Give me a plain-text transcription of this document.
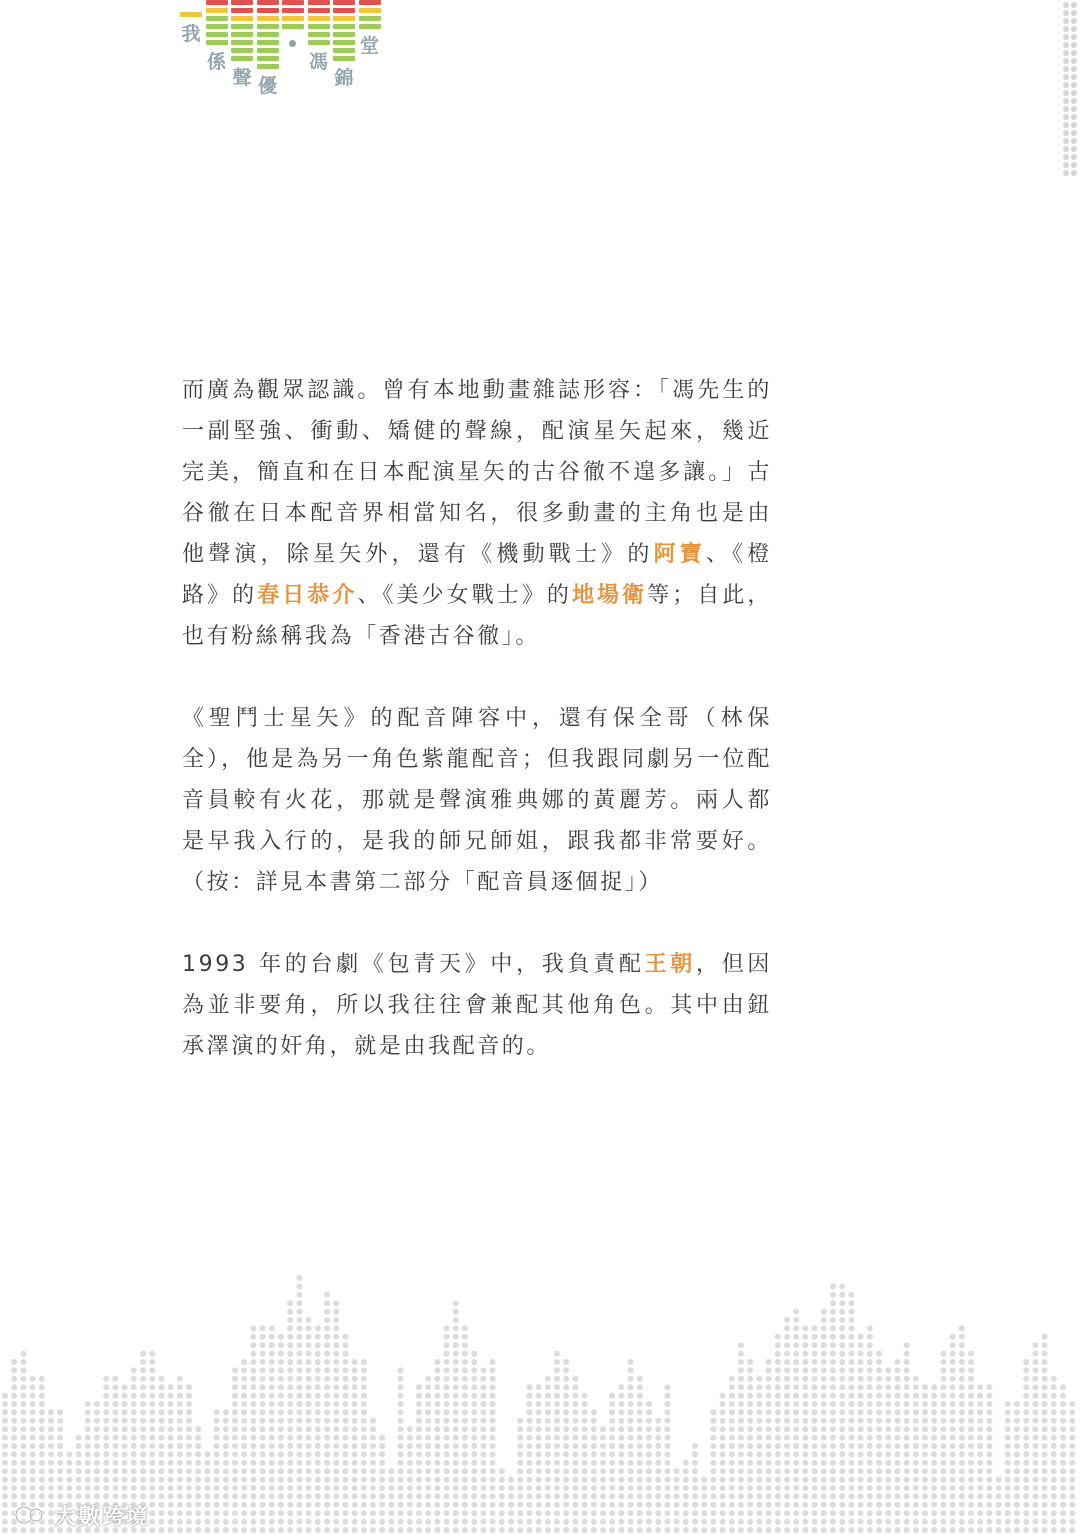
我
係
聲 優
馮
錦
堂

而廣為觀眾認識。曾有本地動畫雜誌形容：「馮先生的一副堅強、衝動、矯健的聲線，配演星矢起來，幾近完美，簡直和在日本配演星矢的古谷徹不遑多讓。」古谷徹在日本配音界相當知名，很多動畫的主角也是由他聲演，除星矢外，還有《機動戰士》的阿寶、《橙路》的春日恭介、《美少女戰士》的地場衛等；自此，也有粉絲稱我為「香港古谷徹」。

《聖鬥士星矢》的配音陣容中，還有保全哥（林保全），他是為另一角色紫龍配音；但我跟同劇另一位配音員較有火花，那就是聲演雅典娜的黃麗芳。兩人都是早我入行的，是我的師兄師姐，跟我都非常要好。（按：詳見本書第二部分「配音員逐個捉」）

1993 年的台劇《包青天》中，我負責配王朝，但因為並非要角，所以我往往會兼配其他角色。其中由鈕承澤演的奸角，就是由我配音的。

大數跨境
